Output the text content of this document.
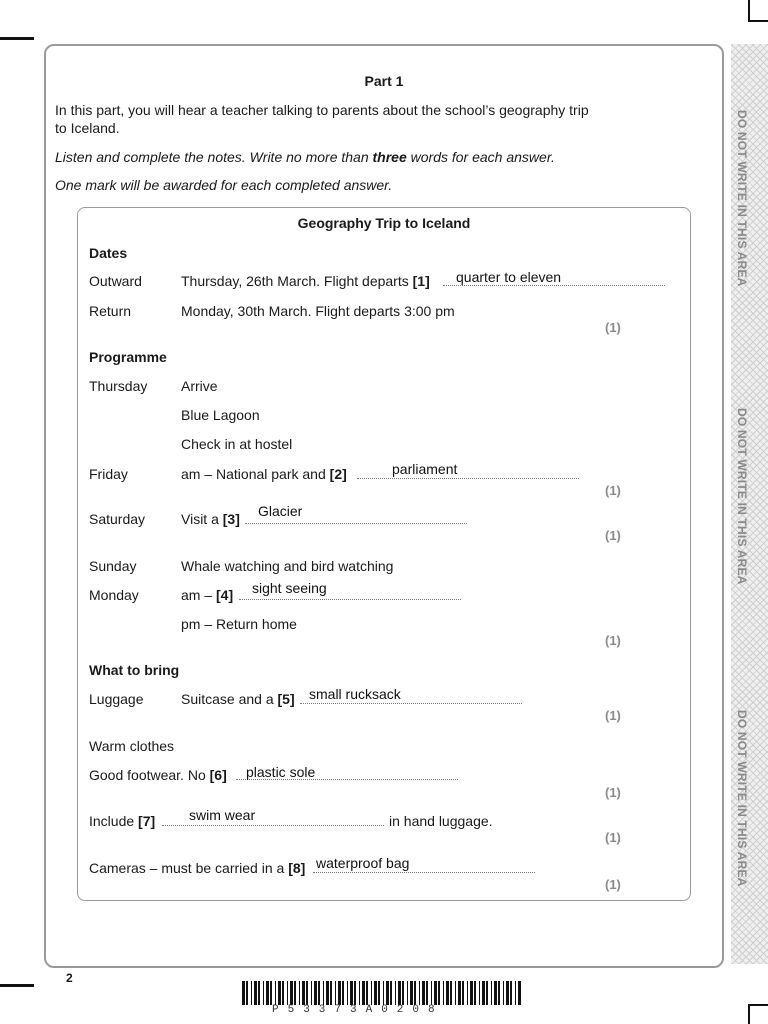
DO NOT WRITE IN THIS AREA
DO NOT WRITE IN THIS AREA
DO NOT WRITE IN THIS AREA
Part 1
In this part, you will hear a teacher talking to parents about the school’s geography trip
to Iceland.
Listen and complete the notes. Write no more than three words for each answer.
One mark will be awarded for each completed answer.
Geography Trip to Iceland
Dates
Outward	Thursday, 26th March. Flight departs [1] quarter to eleven
Return	Monday, 30th March. Flight departs 3:00 pm
(1)
Programme
Thursday Arrive
Blue Lagoon
Check in at hostel
Friday	am – National park and [2]	parliament
(1)
Saturday	Visit a [3] Glacier
(1)
Sunday	Whale watching and bird watching
Monday	am – [4] sight seeing
pm – Return home
(1)
What to bring
Luggage	Suitcase and a [5] small rucksack
(1)
Warm clothes
Good footwear. No [6] plastic sole
(1)
Include [7] swim wear	in hand luggage.
(1)
Cameras – must be carried in a [8] waterproof bag
(1)
2
P53373A0208
